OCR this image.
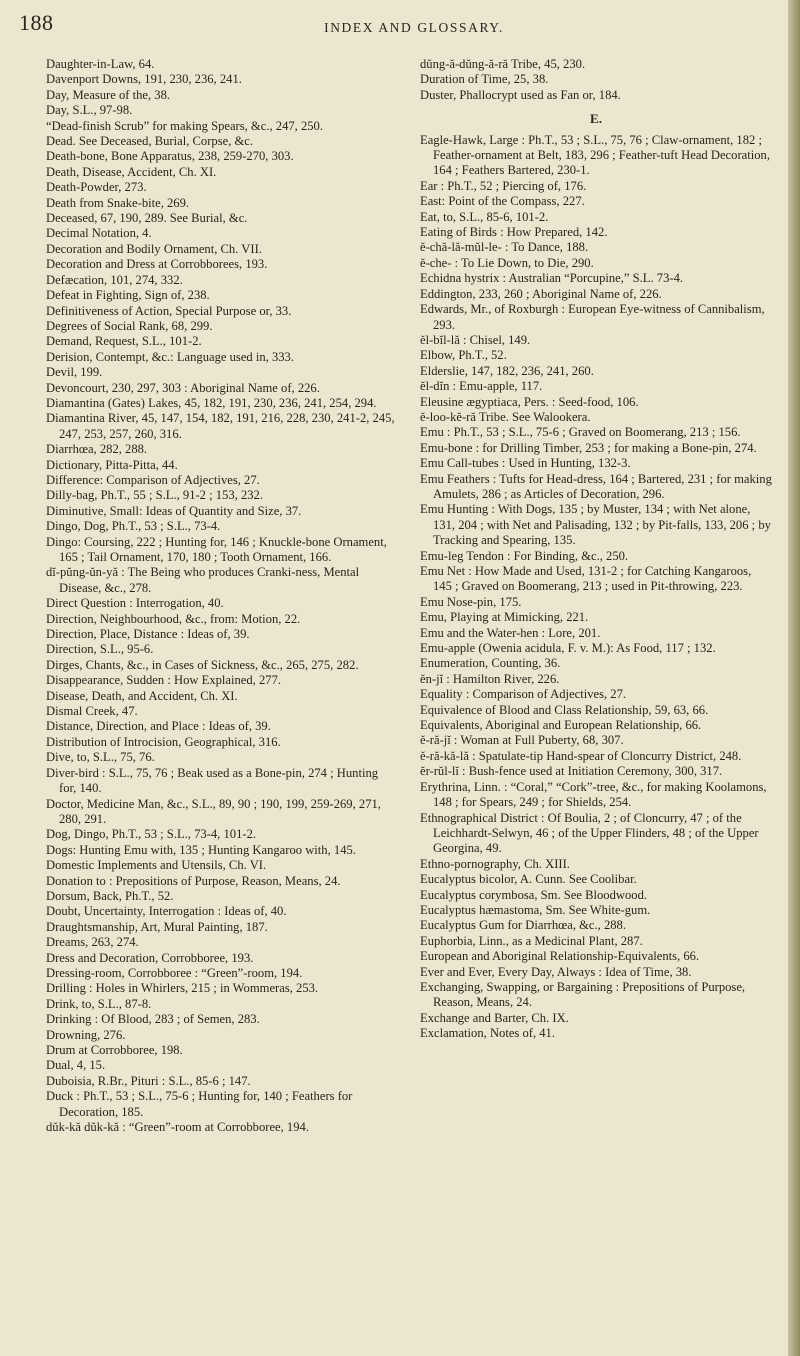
188	INDEX AND GLOSSARY.

Daughter-in-Law, 64.

Davenport Downs, 191, 230, 236, 241.

Day, Measure of the, 38.

Day, S.L., 97-98.

“Dead-finish Scrub” for making Spears, &c., 247, 250.

Dead. See Deceased, Burial, Corpse, &c.

Death-bone, Bone Apparatus, 238, 259-270, 303.

Death, Disease, Accident, Ch. XI.

Death-Powder, 273.

Death from Snake-bite, 269.

Deceased, 67, 190, 289. See Burial, &c.

Decimal Notation, 4.

Decoration and Bodily Ornament, Ch. VII.

Decoration and Dress at Corrobborees, 193.

Defæcation, 101, 274, 332.

Defeat in Fighting, Sign of, 238.

Definitiveness of Action, Special Purpose or, 33.

Degrees of Social Rank, 68, 299.

Demand, Request, S.L., 101-2.

Derision, Contempt, &c.: Language used in, 333.

Devil, 199.

Devoncourt, 230, 297, 303 : Aboriginal Name of, 226.

Diamantina (Gates) Lakes, 45, 182, 191, 230, 236, 241, 254, 294.

Diamantina River, 45, 147, 154, 182, 191, 216, 228, 230, 241-2, 245, 247, 253, 257, 260, 316.

Diarrhœa, 282, 288.

Dictionary, Pitta-Pitta, 44.

Difference: Comparison of Adjectives, 27.

Dilly-bag, Ph.T., 55 ; S.L., 91-2 ; 153, 232.

Diminutive, Small: Ideas of Quantity and Size, 37.

Dingo, Dog, Ph.T., 53 ; S.L., 73-4.

Dingo: Coursing, 222 ; Hunting for, 146 ; Knuckle-bone Ornament, 165 ; Tail Ornament, 170, 180 ; Tooth Ornament, 166.

dĭ-pŭng-ŭn-yă : The Being who produces Cranki-ness, Mental Disease, &c., 278.

Direct Question : Interrogation, 40.

Direction, Neighbourhood, &c., from: Motion, 22.

Direction, Place, Distance : Ideas of, 39.

Direction, S.L., 95-6.

Dirges, Chants, &c., in Cases of Sickness, &c., 265, 275, 282.

Disappearance, Sudden : How Explained, 277.

Disease, Death, and Accident, Ch. XI.

Dismal Creek, 47.

Distance, Direction, and Place : Ideas of, 39.

Distribution of Introcision, Geographical, 316.

Dive, to, S.L., 75, 76.

Diver-bird : S.L., 75, 76 ; Beak used as a Bone-pin, 274 ; Hunting for, 140.

Doctor, Medicine Man, &c., S.L., 89, 90 ; 190, 199, 259-269, 271, 280, 291.

Dog, Dingo, Ph.T., 53 ; S.L., 73-4, 101-2.

Dogs: Hunting Emu with, 135 ; Hunting Kangaroo with, 145.

Domestic Implements and Utensils, Ch. VI.

Donation to : Prepositions of Purpose, Reason, Means, 24.

Dorsum, Back, Ph.T., 52.

Doubt, Uncertainty, Interrogation : Ideas of, 40.

Draughtsmanship, Art, Mural Painting, 187.

Dreams, 263, 274.

Dress and Decoration, Corrobboree, 193.

Dressing-room, Corrobboree : “Green”-room, 194.

Drilling : Holes in Whirlers, 215 ; in Wommeras, 253.

Drink, to, S.L., 87-8.

Drinking : Of Blood, 283 ; of Semen, 283.

Drowning, 276.

Drum at Corrobboree, 198.

Dual, 4, 15.

Duboisia, R.Br., Pituri : S.L., 85-6 ; 147.

Duck : Ph.T., 53 ; S.L., 75-6 ; Hunting for, 140 ; Feathers for Decoration, 185.

dŭk-kă dŭk-kă : “Green”-room at Corrobboree, 194.

dŭng-ă-dŭng-ă-ră Tribe, 45, 230.

Duration of Time, 25, 38.

Duster, Phallocrypt used as Fan or, 184.

E.

Eagle-Hawk, Large : Ph.T., 53 ; S.L., 75, 76 ; Claw-ornament, 182 ; Feather-ornament at Belt, 183, 296 ; Feather-tuft Head Decoration, 164 ; Feathers Bartered, 230-1.

Ear : Ph.T., 52 ; Piercing of, 176.

East: Point of the Compass, 227.

Eat, to, S.L., 85-6, 101-2.

Eating of Birds : How Prepared, 142.

ĕ-chă-lă-mŭl-le- : To Dance, 188.

ĕ-che- : To Lie Down, to Die, 290.

Echidna hystrix : Australian “Porcupine,” S.L. 73-4.

Eddington, 233, 260 ; Aboriginal Name of, 226.

Edwards, Mr., of Roxburgh : European Eye-witness of Cannibalism, 293.

ĕl-bĭl-lă : Chisel, 149.

Elbow, Ph.T., 52.

Elderslie, 147, 182, 236, 241, 260.

ĕl-dĭn : Emu-apple, 117.

Eleusine ægyptiaca, Pers. : Seed-food, 106.

ĕ-loo-kĕ-ră Tribe. See Walookera.

Emu : Ph.T., 53 ; S.L., 75-6 ; Graved on Boomerang, 213 ; 156.

Emu-bone : for Drilling Timber, 253 ; for making a Bone-pin, 274.

Emu Call-tubes : Used in Hunting, 132-3.

Emu Feathers : Tufts for Head-dress, 164 ; Bartered, 231 ; for making Amulets, 286 ; as Articles of Decoration, 296.

Emu Hunting : With Dogs, 135 ; by Muster, 134 ; with Net alone, 131, 204 ; with Net and Palisading, 132 ; by Pit-falls, 133, 206 ; by Tracking and Spearing, 135.

Emu-leg Tendon : For Binding, &c., 250.

Emu Net : How Made and Used, 131-2 ; for Catching Kangaroos, 145 ; Graved on Boomerang, 213 ; used in Pit-throwing, 223.

Emu Nose-pin, 175.

Emu, Playing at Mimicking, 221.

Emu and the Water-hen : Lore, 201.

Emu-apple (Owenia acidula, F. v. M.): As Food, 117 ; 132.

Enumeration, Counting, 36.

ĕn-jĭ : Hamilton River, 226.

Equality : Comparison of Adjectives, 27.

Equivalence of Blood and Class Relationship, 59, 63, 66.

Equivalents, Aboriginal and European Relationship, 66.

ĕ-ră-jĭ : Woman at Full Puberty, 68, 307.

ĕ-ră-kă-lă : Spatulate-tip Hand-spear of Cloncurry District, 248.

ĕr-rŭl-lĭ : Bush-fence used at Initiation Ceremony, 300, 317.

Erythrina, Linn. : “Coral,” “Cork”-tree, &c., for making Koolamons, 148 ; for Spears, 249 ; for Shields, 254.

Ethnographical District : Of Boulia, 2 ; of Cloncurry, 47 ; of the Leichhardt-Selwyn, 46 ; of the Upper Flinders, 48 ; of the Upper Georgina, 49.

Ethno-pornography, Ch. XIII.

Eucalyptus bicolor, A. Cunn. See Coolibar.

Eucalyptus corymbosa, Sm. See Bloodwood.

Eucalyptus hæmastoma, Sm. See White-gum.

Eucalyptus Gum for Diarrhœa, &c., 288.

Euphorbia, Linn., as a Medicinal Plant, 287.

European and Aboriginal Relationship-Equivalents, 66.

Ever and Ever, Every Day, Always : Idea of Time, 38.

Exchanging, Swapping, or Bargaining : Prepositions of Purpose, Reason, Means, 24.

Exchange and Barter, Ch. IX.

Exclamation, Notes of, 41.
